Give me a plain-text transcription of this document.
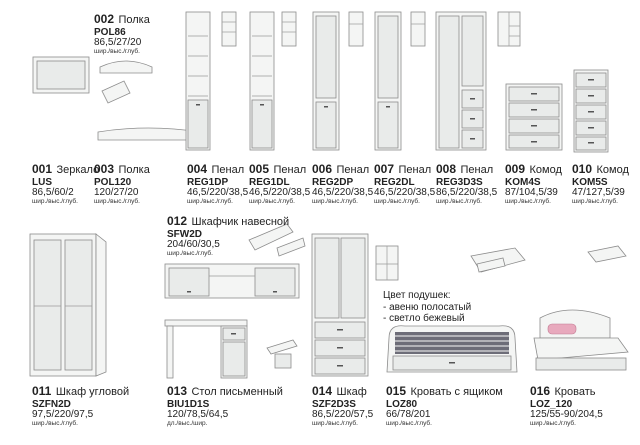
001 Зеркало
LUS
86,5/60/2
шир./выс./глуб.
002 Полка
POL86
86,5/27/20
шир./выс./глуб.
003 Полка
POL120
120/27/20
шир./выс./глуб.
004 Пенал
REG1DP
46,5/220/38,5
шир./выс./глуб.
005 Пенал
REG1DL
46,5/220/38,5
шир./выс./глуб.
006 Пенал
REG2DP
46,5/220/38,5
шир./выс./глуб.
007 Пенал
REG2DL
46,5/220/38,5
шир./выс./глуб.
008 Пенал
REG3D3S
86,5/220/38,5
шир./выс./глуб.
009 Комод
KOM4S
87/104,5/39
шир./выс./глуб.
010 Комод
KOM5S
47/127,5/39
шир./выс./глуб.
011 Шкаф угловой
SZFN2D
97,5/220/97,5
шир./выс./глуб.
012 Шкафчик навесной
SFW2D
204/60/30,5
шир./выс./глуб.
013 Стол письменный
BIU1D1S
120/78,5/64,5
дл./выс./шир.
014 Шкаф
SZF2D3S
86,5/220/57,5
шир./выс./глуб.
015 Кровать с ящиком
LOZ80
66/78/201
шир./выс./глуб.
016 Кровать
LOZ_120
125/55-90/204,5
шир./выс./глуб.
Цвет подушек:
- авеню полосатый
- светло бежевый
